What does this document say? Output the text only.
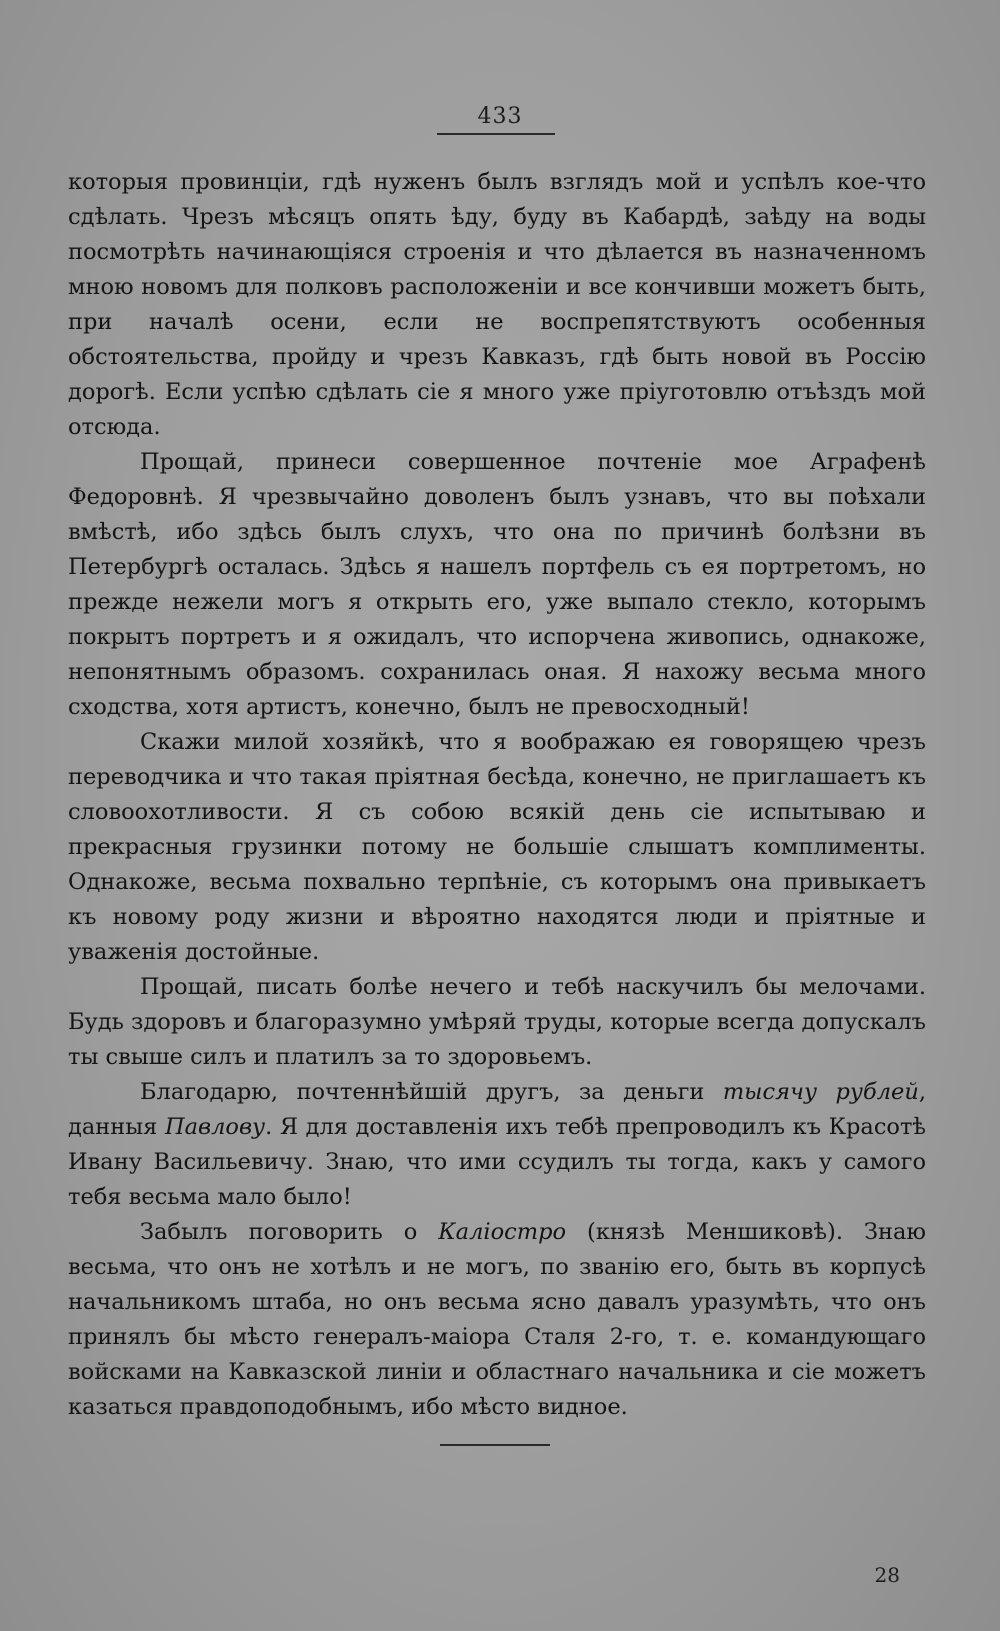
433

которыя провинціи, гдѣ нуженъ былъ взглядъ мой и успѣлъ кое-что сдѣлать. Чрезъ мѣсяцъ опять ѣду, буду въ Кабардѣ, заѣду на воды посмотрѣть начинающіяся строенія и что дѣлается въ назначенномъ мною новомъ для полковъ расположеніи и все кончивши можетъ быть, при началѣ осени, если не воспрепятствуютъ особенныя обстоятельства, пройду и чрезъ Кавказъ, гдѣ быть новой въ Россію дорогѣ. Если успѣю сдѣлать сіе я много уже пріуготовлю отъѣздъ мой отсюда.

Прощай, принеси совершенное почтеніе мое Аграфенѣ Федоровнѣ. Я чрезвычайно доволенъ былъ узнавъ, что вы поѣхали вмѣстѣ, ибо здѣсь былъ слухъ, что она по причинѣ болѣзни въ Петербургѣ осталась. Здѣсь я нашелъ портфель съ ея портретомъ, но прежде нежели могъ я открыть его, уже выпало стекло, которымъ покрытъ портретъ и я ожидалъ, что испорчена живопись, однакоже, непонятнымъ образомъ. сохранилась оная. Я нахожу весьма много сходства, хотя артистъ, конечно, былъ не превосходный!

Скажи милой хозяйкѣ, что я воображаю ея говорящею чрезъ переводчика и что такая пріятная бесѣда, конечно, не приглашаетъ къ словоохотливости. Я съ собою всякій день сіе испытываю и прекрасныя грузинки потому не большіе слышатъ комплименты. Однакоже, весьма похвально терпѣніе, съ которымъ она привыкаетъ къ новому роду жизни и вѣроятно находятся люди и пріятные и уваженія достойные.

Прощай, писать болѣе нечего и тебѣ наскучилъ бы мелочами. Будь здоровъ и благоразумно умѣряй труды, которые всегда допускалъ ты свыше силъ и платилъ за то здоровьемъ.

Благодарю, почтеннѣйшій другъ, за деньги тысячу рублей, данныя Павлову. Я для доставленія ихъ тебѣ препроводилъ къ Красотѣ Ивану Васильевичу. Знаю, что ими ссудилъ ты тогда, какъ у самого тебя весьма мало было!

Забылъ поговорить о Каліостро (князѣ Меншиковѣ). Знаю весьма, что онъ не хотѣлъ и не могъ, по званію его, быть въ корпусѣ начальникомъ штаба, но онъ весьма ясно давалъ уразумѣть, что онъ принялъ бы мѣсто генералъ-маіора Сталя 2-го, т. е. командующаго войсками на Кавказской линіи и областнаго начальника и сіе можетъ казаться правдоподобнымъ, ибо мѣсто видное.

28
